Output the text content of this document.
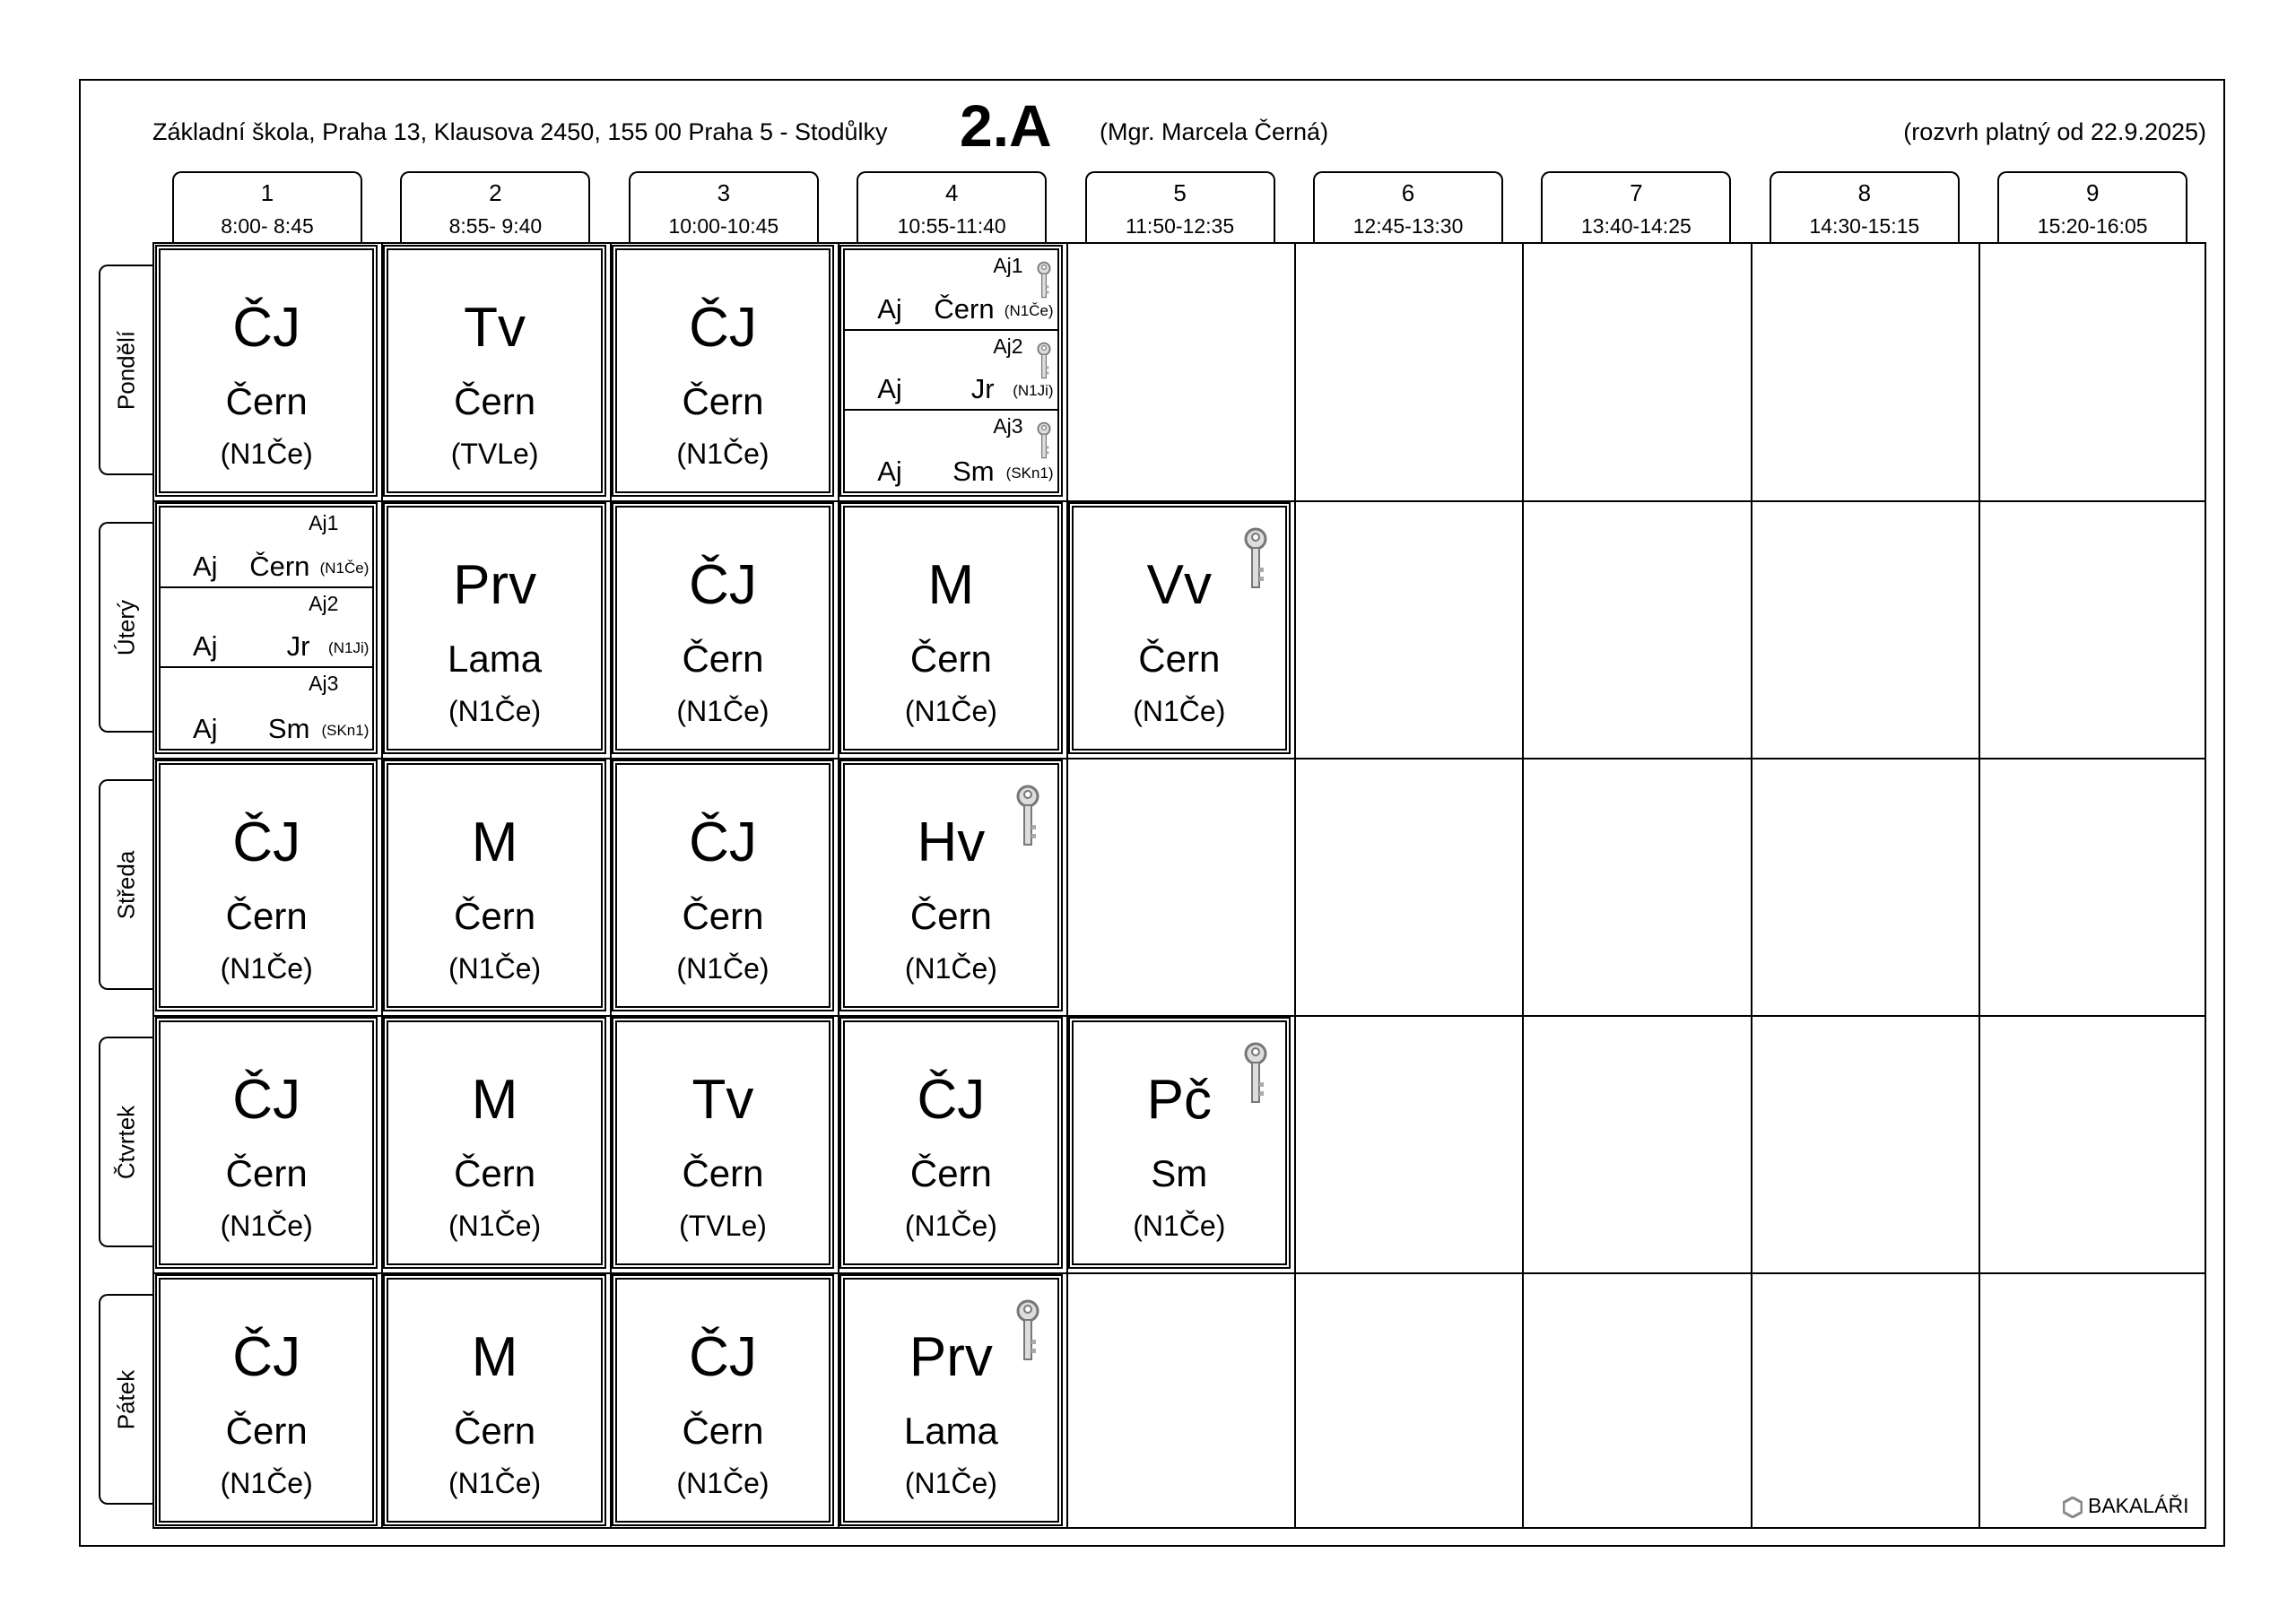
Základní škola, Praha 13, Klausova 2450, 155 00 Praha 5 - Stodůlky 2.A (Mgr. Marcela Černá)	(rozvrh platný od 22.9.2025)
1
8:00- 8:45
2
8:55- 9:40
3
10:00-10:45
4
10:55-11:40
5
11:50-12:35
6
12:45-13:30
7
13:40-14:25
8
14:30-15:15
9
15:20-16:05
Pondělí
Úterý
Středa
Čtvrtek
Pátek
ČJ
Čern
(N1Če)
Tv
Čern
(TVLe)
ČJ
Čern
(N1Če)
Aj1
Aj Čern (N1Če)
Aj2
Aj Jr (N1Ji)
Aj3
Aj Sm (SKn1)
Aj1
Aj Čern (N1Če)
Aj2
Aj Jr (N1Ji)
Aj3
Aj Sm (SKn1)
Prv
Lama
(N1Če)
ČJ
Čern
(N1Če)
M
Čern
(N1Če)
Vv
Čern
(N1Če)
ČJ
Čern
(N1Če)
M
Čern
(N1Če)
ČJ
Čern
(N1Če)
Hv
Čern
(N1Če)
ČJ
Čern
(N1Če)
M
Čern
(N1Če)
Tv
Čern
(TVLe)
ČJ
Čern
(N1Če)
Pč
Sm
(N1Če)
ČJ
Čern
(N1Če)
M
Čern
(N1Če)
ČJ
Čern
(N1Če)
Prv
Lama
(N1Če)
BAKALÁŘI
